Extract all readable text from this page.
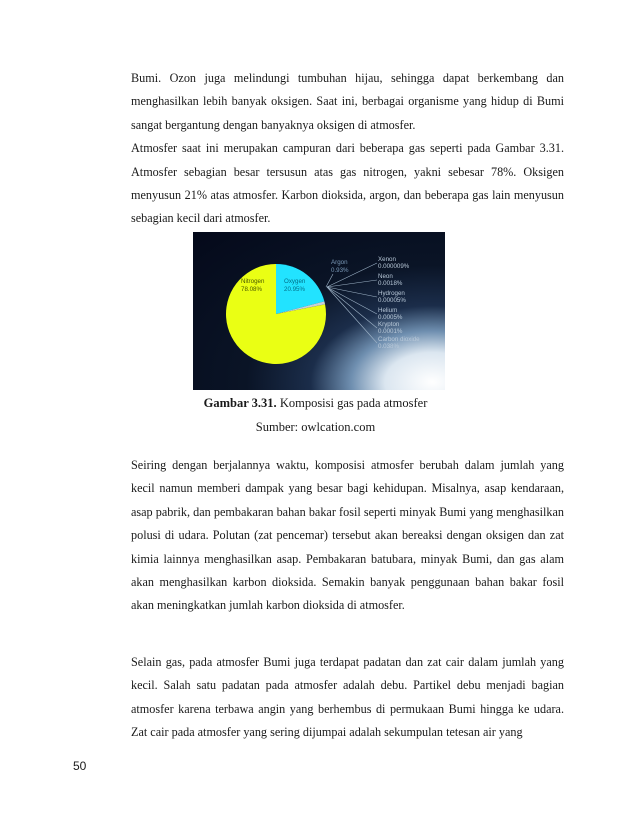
Bumi. Ozon juga melindungi tumbuhan hijau, sehingga dapat berkembang dan menghasilkan lebih banyak oksigen. Saat ini, berbagai organisme yang hidup di Bumi sangat bergantung dengan banyaknya oksigen di atmosfer.

Atmosfer saat ini merupakan campuran dari beberapa gas seperti pada Gambar 3.31. Atmosfer sebagian besar tersusun atas gas nitrogen, yakni sebesar 78%. Oksigen menyusun 21% atas atmosfer. Karbon dioksida, argon, dan beberapa gas lain menyusun sebagian kecil dari atmosfer.

Nitrogen
78.08%
Oxygen
20.95%
Argon
0.93%
Xenon
0.000009%
Neon
0.0018%
Hydrogen
0.00005%
Helium
0.0005%
Krypton
0.0001%
Carbon dioxide
0.038%
Gambar 3.31. Komposisi gas pada atmosfer
Sumber: owlcation.com
Seiring dengan berjalannya waktu, komposisi atmosfer berubah dalam jumlah yang kecil namun memberi dampak yang besar bagi kehidupan. Misalnya, asap kendaraan, asap pabrik, dan pembakaran bahan bakar fosil seperti minyak Bumi yang menghasilkan polusi di udara. Polutan (zat pencemar) tersebut akan bereaksi dengan oksigen dan zat kimia lainnya menghasilkan asap. Pembakaran batubara, minyak Bumi, dan gas alam akan menghasilkan karbon dioksida. Semakin banyak penggunaan bahan bakar fosil akan meningkatkan jumlah karbon dioksida di atmosfer.
Selain gas, pada atmosfer Bumi juga terdapat padatan dan zat cair dalam jumlah yang kecil. Salah satu padatan pada atmosfer adalah debu. Partikel debu menjadi bagian atmosfer karena terbawa angin yang berhembus di permukaan Bumi hingga ke udara. Zat cair pada atmosfer yang sering dijumpai adalah sekumpulan tetesan air yang
50
